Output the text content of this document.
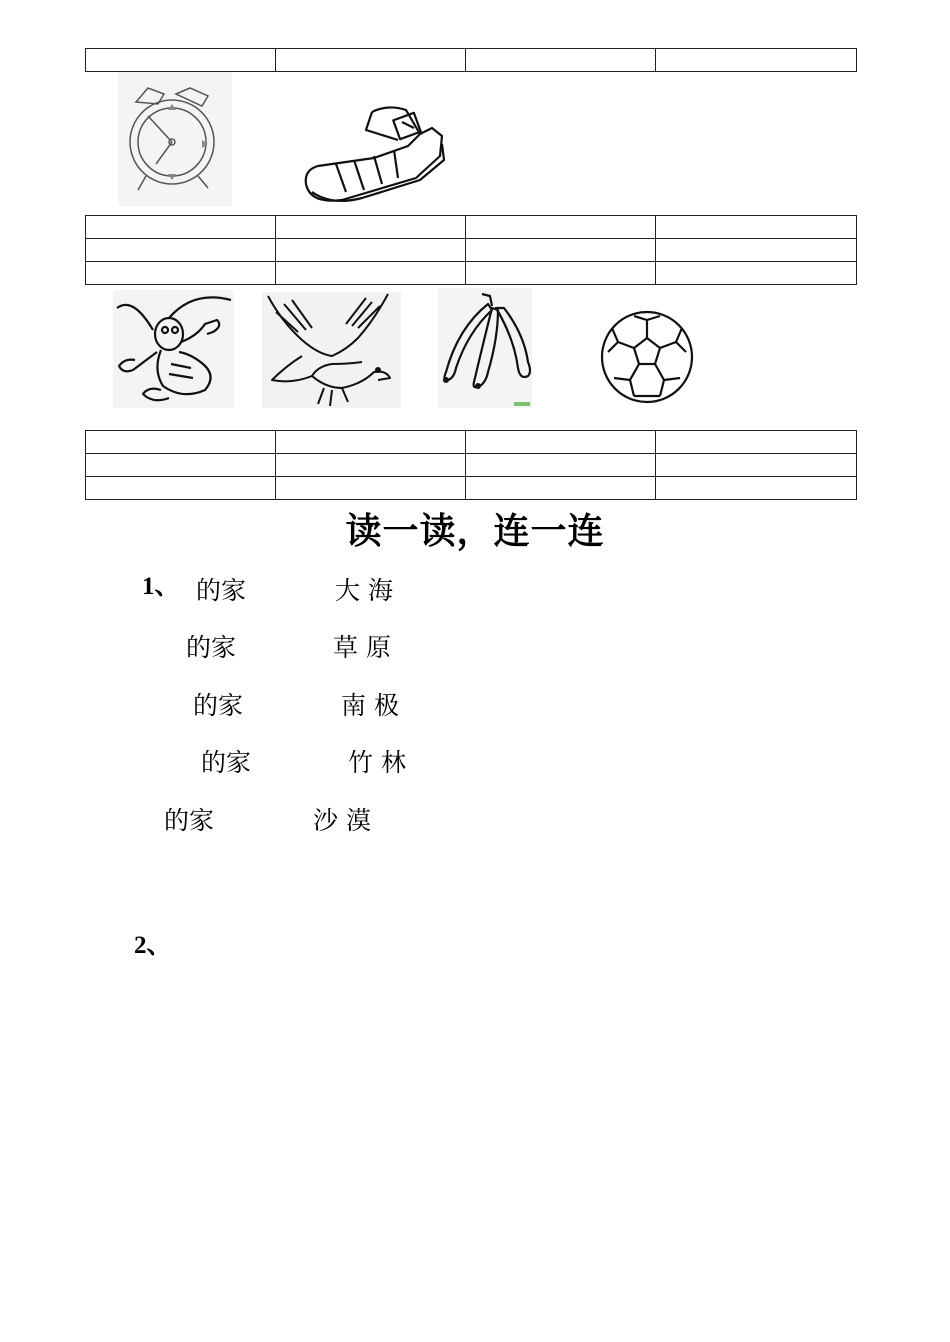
读一读，连一连
1、 的家	大 海
的家	草 原
的家	南 极
的家	竹 林
的家	沙 漠
2、
